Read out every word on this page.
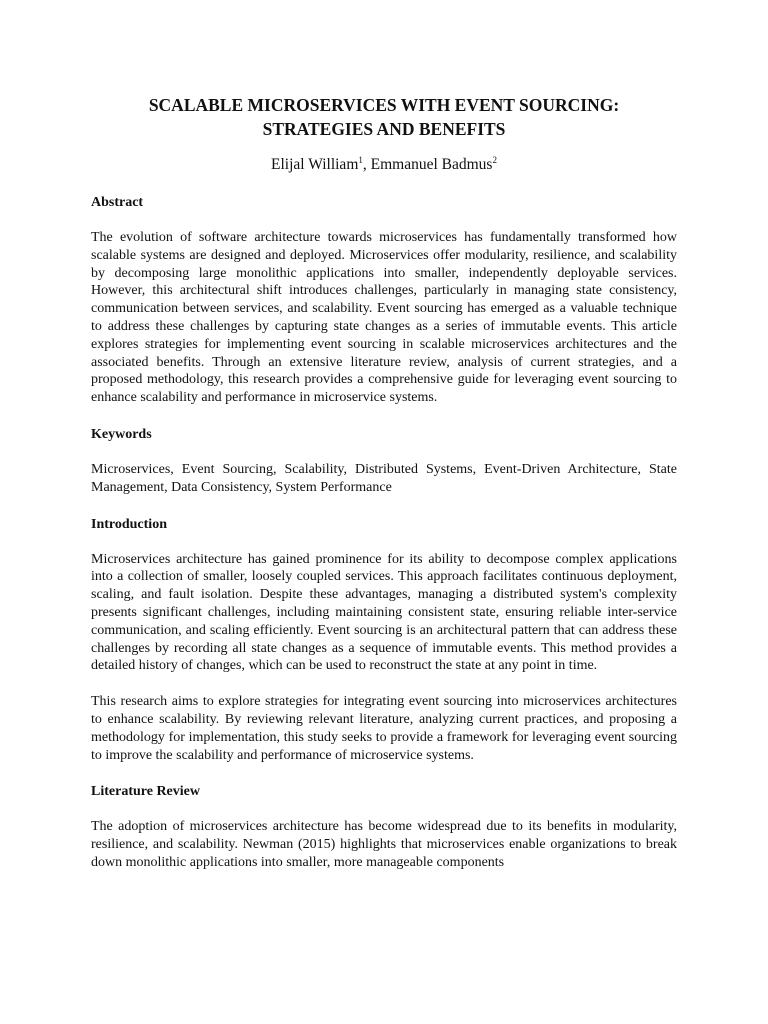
SCALABLE MICROSERVICES WITH EVENT SOURCING:
STRATEGIES AND BENEFITS
Elijal William$^1$, Emmanuel Badmus$^2$
Abstract

The evolution of software architecture towards microservices has fundamentally transformed how scalable systems are designed and deployed. Microservices offer modularity, resilience, and scalability by decomposing large monolithic applications into smaller, independently deployable services. However, this architectural shift introduces challenges, particularly in managing state consistency, communication between services, and scalability. Event sourcing has emerged as a valuable technique to address these challenges by capturing state changes as a series of immutable events. This article explores strategies for implementing event sourcing in scalable microservices architectures and the associated benefits. Through an extensive literature review, analysis of current strategies, and a proposed methodology, this research provides a comprehensive guide for leveraging event sourcing to enhance scalability and performance in microservice systems.

Keywords

Microservices, Event Sourcing, Scalability, Distributed Systems, Event-Driven Architecture, State Management, Data Consistency, System Performance

Introduction

Microservices architecture has gained prominence for its ability to decompose complex applications into a collection of smaller, loosely coupled services. This approach facilitates continuous deployment, scaling, and fault isolation. Despite these advantages, managing a distributed system's complexity presents significant challenges, including maintaining consistent state, ensuring reliable inter-service communication, and scaling efficiently. Event sourcing is an architectural pattern that can address these challenges by recording all state changes as a sequence of immutable events. This method provides a detailed history of changes, which can be used to reconstruct the state at any point in time.

This research aims to explore strategies for integrating event sourcing into microservices architectures to enhance scalability. By reviewing relevant literature, analyzing current practices, and proposing a methodology for implementation, this study seeks to provide a framework for leveraging event sourcing to improve the scalability and performance of microservice systems.

Literature Review

The adoption of microservices architecture has become widespread due to its benefits in modularity, resilience, and scalability. Newman (2015) highlights that microservices enable organizations to break down monolithic applications into smaller, more manageable components
